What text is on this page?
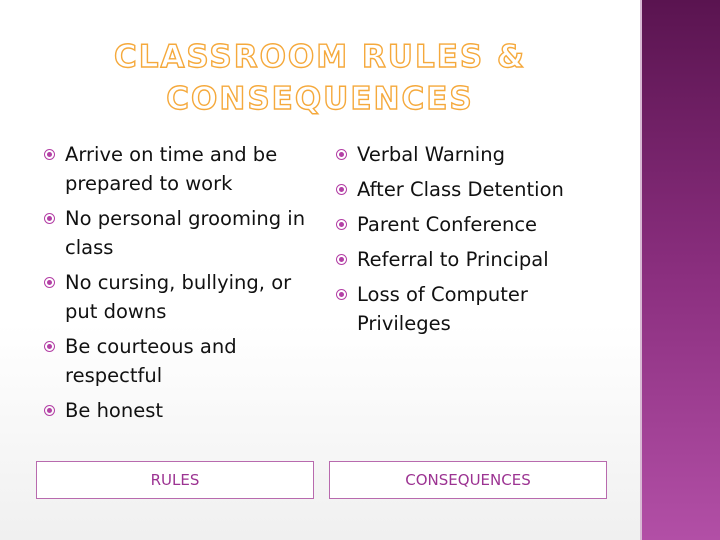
CLASSROOM RULES &
CONSEQUENCES
Arrive on time and be prepared to work
No personal grooming in class
No cursing, bullying, or put downs
Be courteous and respectful
Be honest
Verbal Warning
After Class Detention
Parent Conference
Referral to Principal
Loss of Computer Privileges
RULES	CONSEQUENCES
